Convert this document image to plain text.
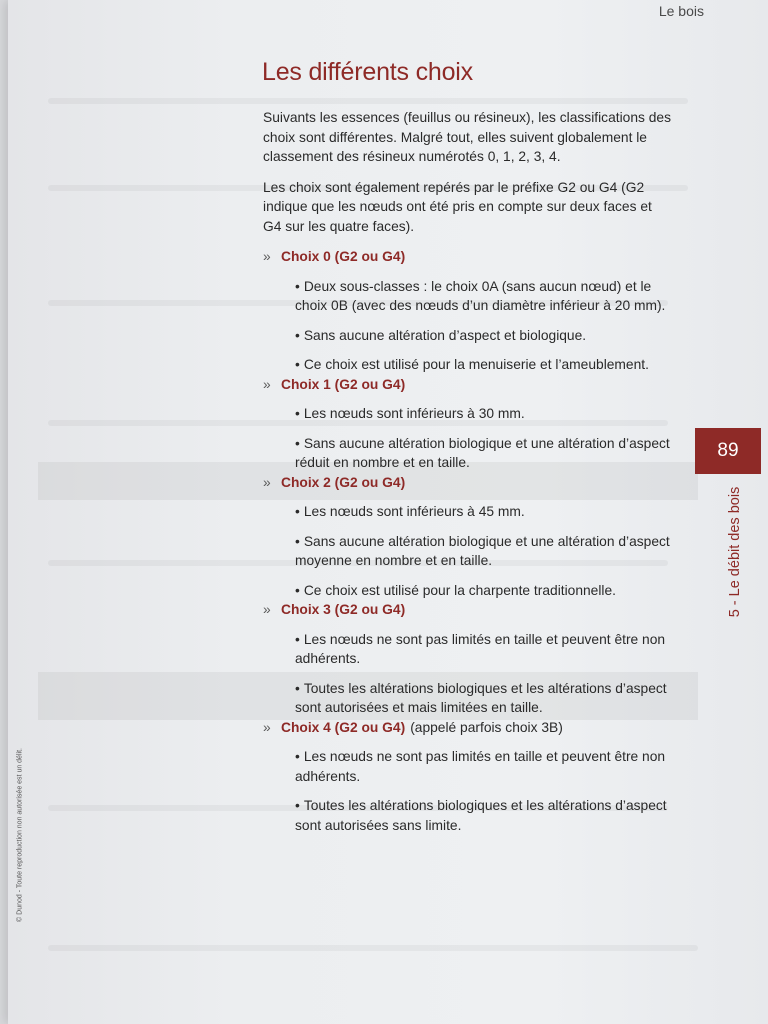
Le bois
Les différents choix

Suivants les essences (feuillus ou résineux), les classifications des choix sont différentes. Malgré tout, elles suivent globalement le classement des résineux numérotés 0, 1, 2, 3, 4.

Les choix sont également repérés par le préfixe G2 ou G4 (G2 indique que les nœuds ont été pris en compte sur deux faces et G4 sur les quatre faces).

» Choix 0 (G2 ou G4)

• Deux sous-classes : le choix 0A (sans aucun nœud) et le choix 0B (avec des nœuds d’un diamètre inférieur à 20 mm).

• Sans aucune altération d’aspect et biologique.

• Ce choix est utilisé pour la menuiserie et l’ameublement.

» Choix 1 (G2 ou G4)

• Les nœuds sont inférieurs à 30 mm.

• Sans aucune altération biologique et une altération d’aspect réduit en nombre et en taille.

» Choix 2 (G2 ou G4)

• Les nœuds sont inférieurs à 45 mm.

• Sans aucune altération biologique et une altération d’aspect moyenne en nombre et en taille.

• Ce choix est utilisé pour la charpente traditionnelle.

» Choix 3 (G2 ou G4)

• Les nœuds ne sont pas limités en taille et peuvent être non adhérents.

• Toutes les altérations biologiques et les altérations d’aspect sont autorisées et mais limitées en taille.

» Choix 4 (G2 ou G4) (appelé parfois choix 3B)

• Les nœuds ne sont pas limités en taille et peuvent être non adhérents.

• Toutes les altérations biologiques et les altérations d’aspect sont autorisées sans limite.

89
5 - Le débit des bois
© Dunod - Toute reproduction non autorisée est un délit.
